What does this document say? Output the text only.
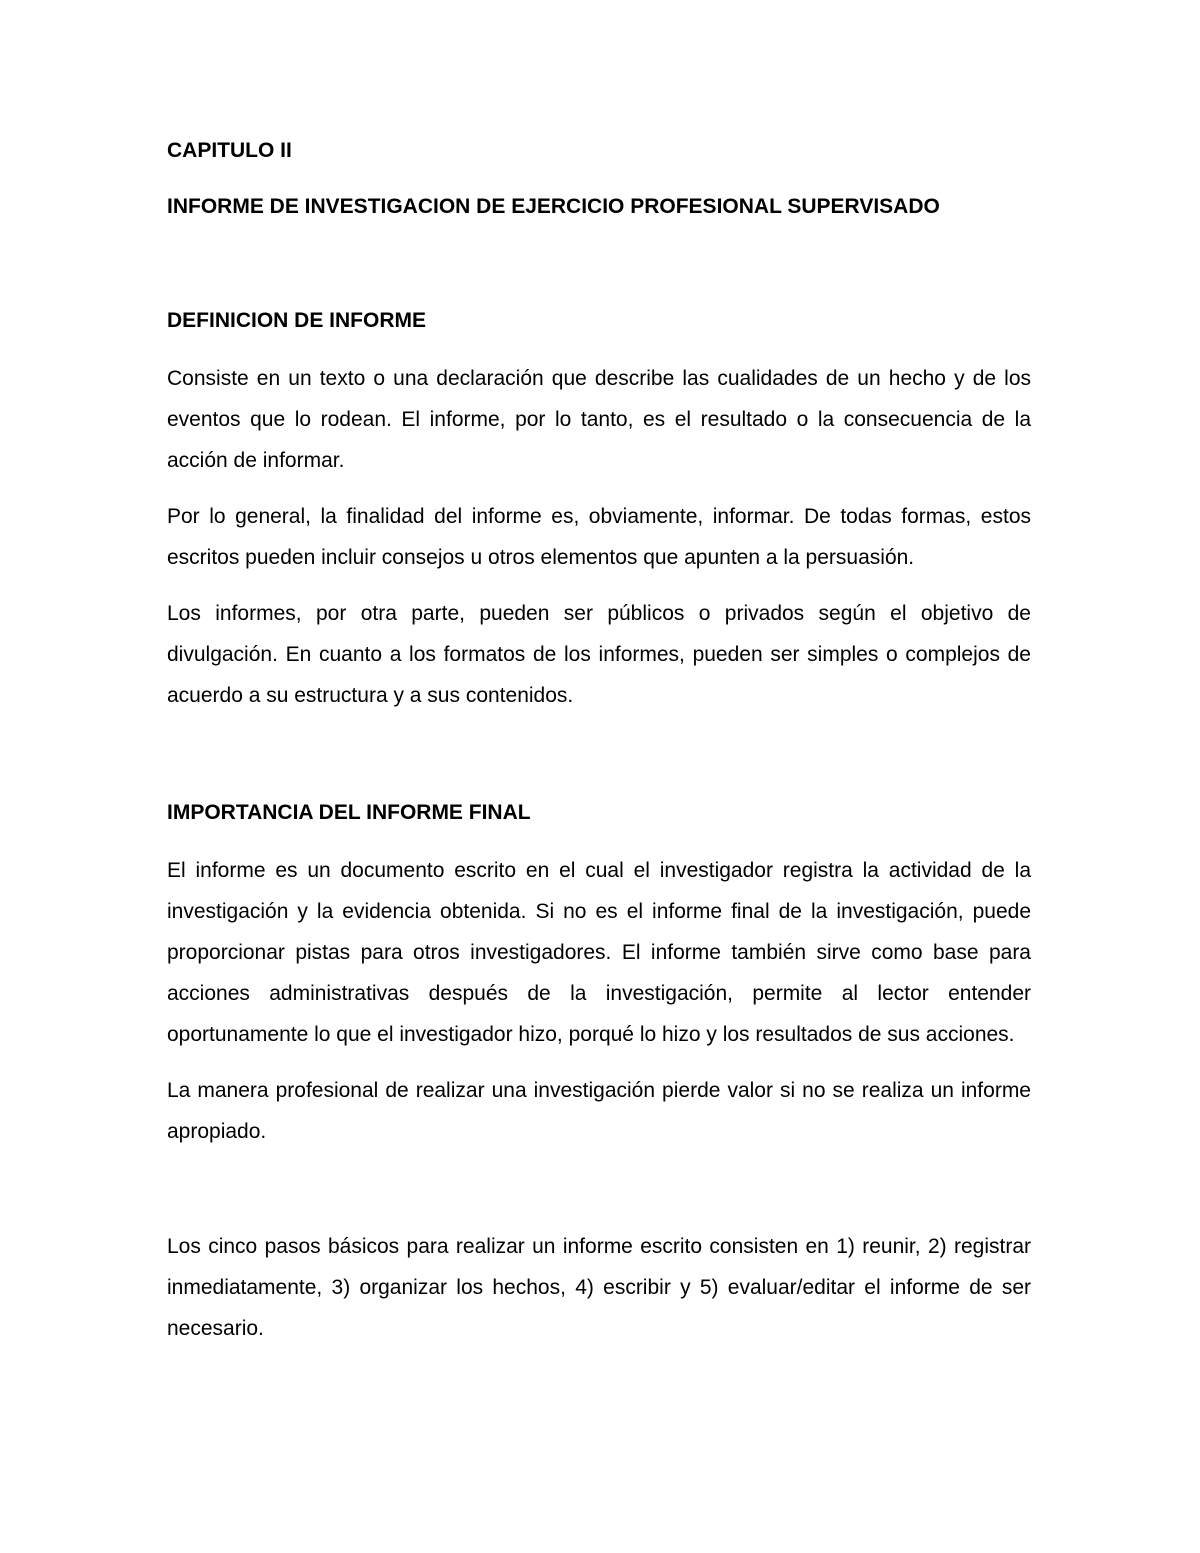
CAPITULO II
INFORME DE INVESTIGACION DE EJERCICIO PROFESIONAL SUPERVISADO
DEFINICION DE INFORME

Consiste en un texto o una declaración que describe las cualidades de un hecho y de los eventos que lo rodean. El informe, por lo tanto, es el resultado o la consecuencia de la acción de informar.

Por lo general, la finalidad del informe es, obviamente, informar. De todas formas, estos escritos pueden incluir consejos u otros elementos que apunten a la persuasión.

Los informes, por otra parte, pueden ser públicos o privados según el objetivo de divulgación. En cuanto a los formatos de los informes, pueden ser simples o complejos de acuerdo a su estructura y a sus contenidos.

IMPORTANCIA DEL INFORME FINAL

El informe es un documento escrito en el cual el investigador registra la actividad de la investigación y la evidencia obtenida. Si no es el informe final de la investigación, puede proporcionar pistas para otros investigadores. El informe también sirve como base para acciones administrativas después de la investigación, permite al lector entender oportunamente lo que el investigador hizo, porqué lo hizo y los resultados de sus acciones.

La manera profesional de realizar una investigación pierde valor si no se realiza un informe apropiado.

Los cinco pasos básicos para realizar un informe escrito consisten en 1) reunir, 2) registrar inmediatamente, 3) organizar los hechos, 4) escribir y 5) evaluar/editar el informe de ser necesario.
